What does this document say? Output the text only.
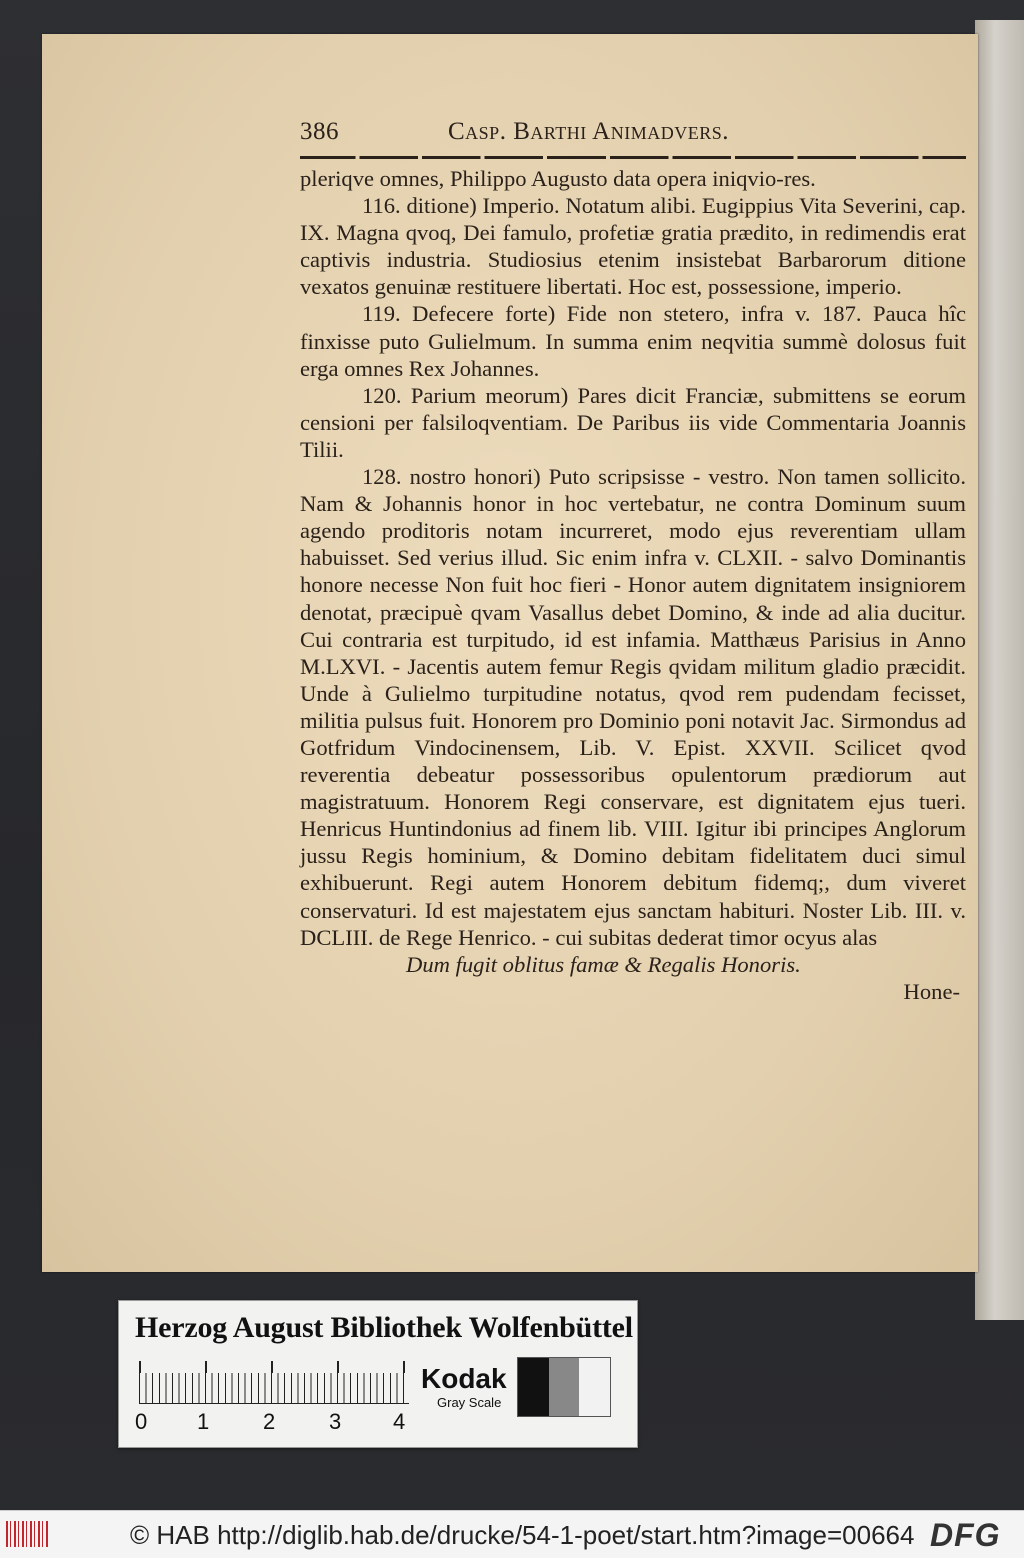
386	Casp. Barthi Animadvers.

pleriqve omnes, Philippo Augusto data opera iniqvio-res.

116. ditione) Imperio. Notatum alibi. Eugippius Vita Severini, cap. IX. Magna qvoq, Dei famulo, profetiæ gratia prædito, in redimendis erat captivis industria. Studiosius etenim insistebat Barbarorum ditione vexatos genuinæ restituere libertati. Hoc est, possessione, imperio.

119. Defecere forte) Fide non stetero, infra v. 187. Pauca hîc finxisse puto Gulielmum. In summa enim neqvitia summè dolosus fuit erga omnes Rex Johannes.

120. Parium meorum) Pares dicit Franciæ, submittens se eorum censioni per falsiloqventiam. De Paribus iis vide Commentaria Joannis Tilii.

128. nostro honori) Puto scripsisse - vestro. Non tamen sollicito. Nam & Johannis honor in hoc vertebatur, ne contra Dominum suum agendo proditoris notam incurreret, modo ejus reverentiam ullam habuisset. Sed verius illud. Sic enim infra v. CLXII. - salvo Dominantis honore necesse Non fuit hoc fieri - Honor autem dignitatem insigniorem denotat, præcipuè qvam Vasallus debet Domino, & inde ad alia ducitur. Cui contraria est turpitudo, id est infamia. Matthæus Parisius in Anno M.LXVI. - Jacentis autem femur Regis qvidam militum gladio præcidit. Unde à Gulielmo turpitudine notatus, qvod rem pudendam fecisset, militia pulsus fuit. Honorem pro Dominio poni notavit Jac. Sirmondus ad Gotfridum Vindocinensem, Lib. V. Epist. XXVII. Scilicet qvod reverentia debeatur possessoribus opulentorum prædiorum aut magistratuum. Honorem Regi conservare, est dignitatem ejus tueri. Henricus Huntindonius ad finem lib. VIII. Igitur ibi principes Anglorum jussu Regis hominium, & Domino debitam fidelitatem duci simul exhibuerunt. Regi autem Honorem debitum fidemq;, dum viveret conservaturi. Id est majestatem ejus sanctam habituri. Noster Lib. III. v. DCLIII. de Rege Henrico. - cui subitas dederat timor ocyus alas

Dum fugit oblitus famæ & Regalis Honoris.

Hone-

Herzog August Bibliothek Wolfenbüttel
0 1 2 3 4
Kodak
Gray Scale
© HAB http://diglib.hab.de/drucke/54-1-poet/start.htm?image=00664 DFG
